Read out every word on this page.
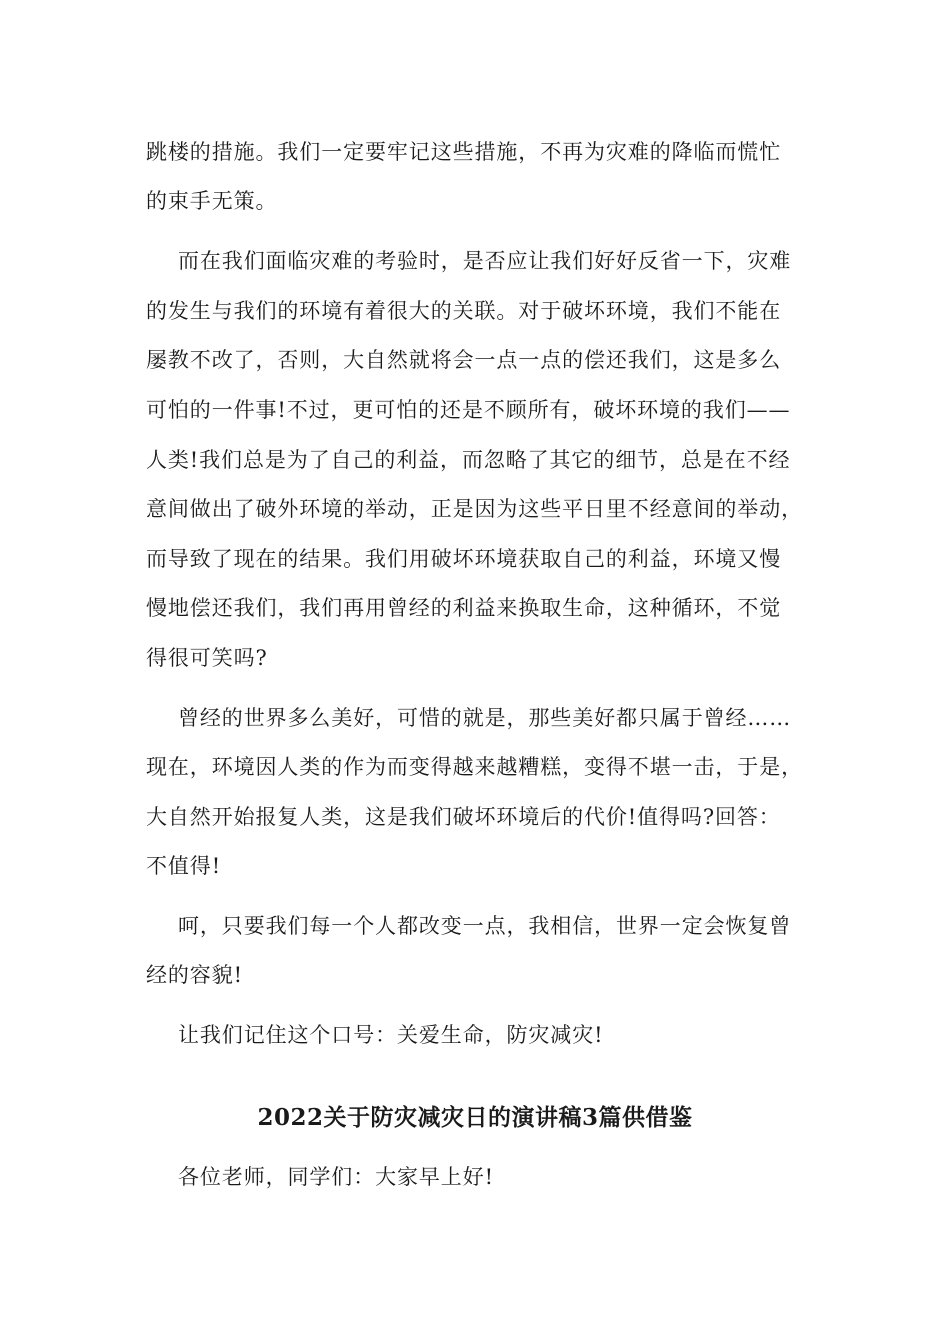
跳楼的措施。我们一定要牢记这些措施，不再为灾难的降临而慌忙
的束手无策。
而在我们面临灾难的考验时，是否应让我们好好反省一下，灾难
的发生与我们的环境有着很大的关联。对于破坏环境，我们不能在
屡教不改了，否则，大自然就将会一点一点的偿还我们，这是多么
可怕的一件事!不过，更可怕的还是不顾所有，破坏环境的我们——
人类!我们总是为了自己的利益，而忽略了其它的细节，总是在不经
意间做出了破外环境的举动，正是因为这些平日里不经意间的举动，
而导致了现在的结果。我们用破坏环境获取自己的利益，环境又慢
慢地偿还我们，我们再用曾经的利益来换取生命，这种循环，不觉
得很可笑吗?
曾经的世界多么美好，可惜的就是，那些美好都只属于曾经……
现在，环境因人类的作为而变得越来越糟糕，变得不堪一击，于是，
大自然开始报复人类，这是我们破坏环境后的代价!值得吗?回答：
不值得!
呵，只要我们每一个人都改变一点，我相信，世界一定会恢复曾
经的容貌!
让我们记住这个口号：关爱生命，防灾减灾!
2022关于防灾减灾日的演讲稿3篇供借鉴
各位老师，同学们：大家早上好!
